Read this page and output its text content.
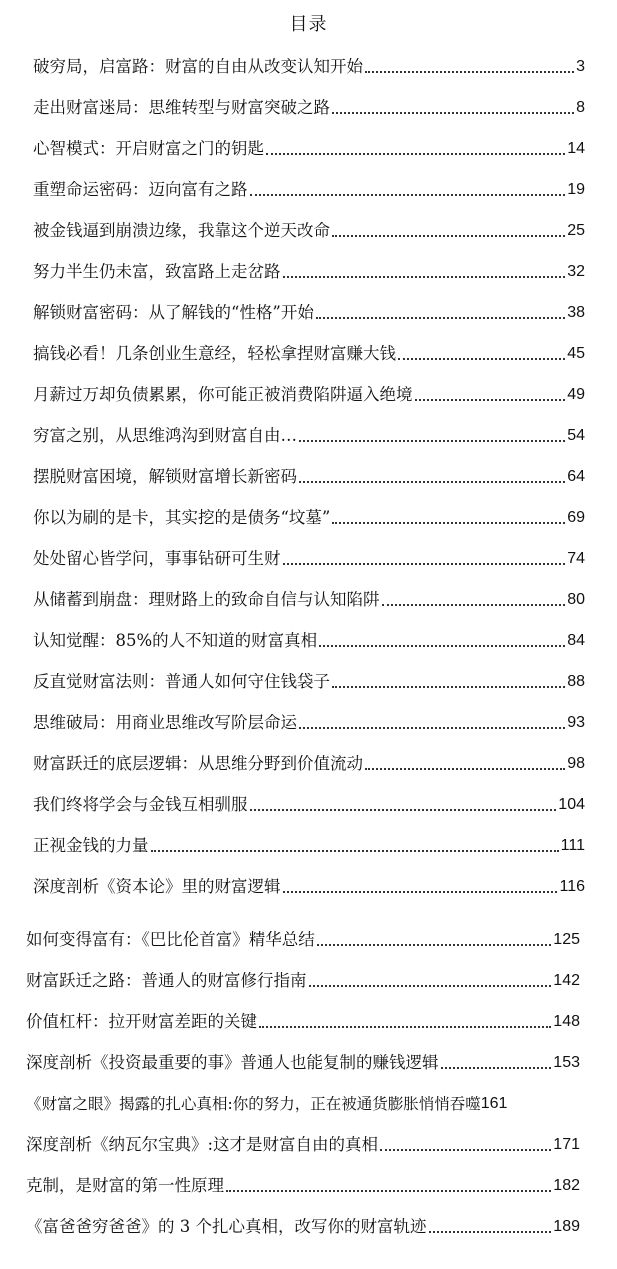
目录
破穷局，启富路：财富的自由从改变认知开始	3
走出财富迷局：思维转型与财富突破之路	8
心智模式：开启财富之门的钥匙	14
重塑命运密码：迈向富有之路	19
被金钱逼到崩溃边缘，我靠这个逆天改命	25
努力半生仍未富，致富路上走岔路	32
解锁财富密码：从了解钱的“性格”开始	38
搞钱必看！几条创业生意经，轻松拿捏财富赚大钱	45
月薪过万却负债累累，你可能正被消费陷阱逼入绝境	49
穷富之别，从思维鸿沟到财富自由…	54
摆脱财富困境，解锁财富增长新密码	64
你以为刷的是卡，其实挖的是债务“坟墓”	69
处处留心皆学问，事事钻研可生财	74
从储蓄到崩盘：理财路上的致命自信与认知陷阱	80
认知觉醒：85%的人不知道的财富真相	84
反直觉财富法则：普通人如何守住钱袋子	88
思维破局：用商业思维改写阶层命运	93
财富跃迁的底层逻辑：从思维分野到价值流动	98
我们终将学会与金钱互相驯服	104
正视金钱的力量	111
深度剖析《资本论》里的财富逻辑	116
如何变得富有：《巴比伦首富》精华总结	125
财富跃迁之路：普通人的财富修行指南	142
价值杠杆：拉开财富差距的关键	148
深度剖析《投资最重要的事》普通人也能复制的赚钱逻辑	153
《财富之眼》揭露的扎心真相:你的努力，正在被通货膨胀悄悄吞噬 161
深度剖析《纳瓦尔宝典》:这才是财富自由的真相	171
克制，是财富的第一性原理	182
《富爸爸穷爸爸》的 3 个扎心真相，改写你的财富轨迹	189
